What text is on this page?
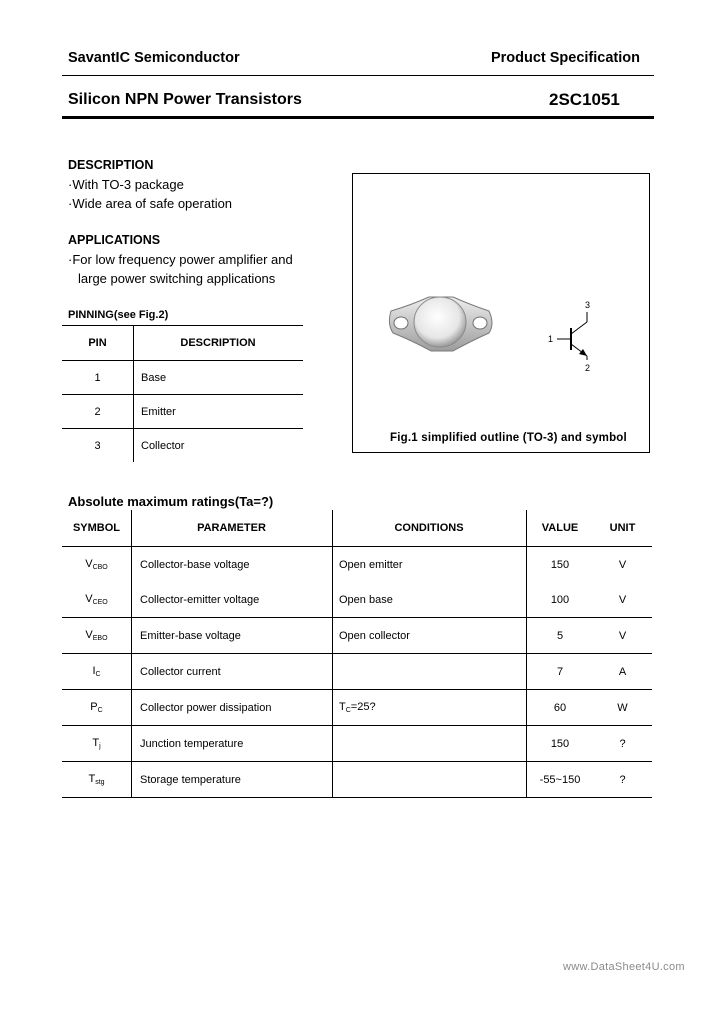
SavantIC Semiconductor	Product Specification
Silicon NPN Power Transistors	2SC1051
DESCRIPTION
·With TO-3 package
·Wide area of safe operation
APPLICATIONS
·For low frequency power amplifier and
large power switching applications
PINNING(see Fig.2)
PIN	DESCRIPTION
1	Base
2	Emitter
3	Collector
3
1
2
Fig.1 simplified outline (TO-3) and symbol
Absolute maximum ratings(Ta=?)
SYMBOL	PARAMETER	CONDITIONS	VALUE	UNIT
$V_{CBO}$	Collector-base voltage	Open emitter	150	V
$V_{CEO}$	Collector-emitter voltage	Open base	100	V
$V_{EBO}$	Emitter-base voltage	Open collector	5	V
$I_C$	Collector current		7	A
$P_C$	Collector power dissipation	$T_C=25$?	60	W
$T_j$	Junction temperature		150	?
$T_{stg}$	Storage temperature		-55~150	?
www.DataSheet4U.com
